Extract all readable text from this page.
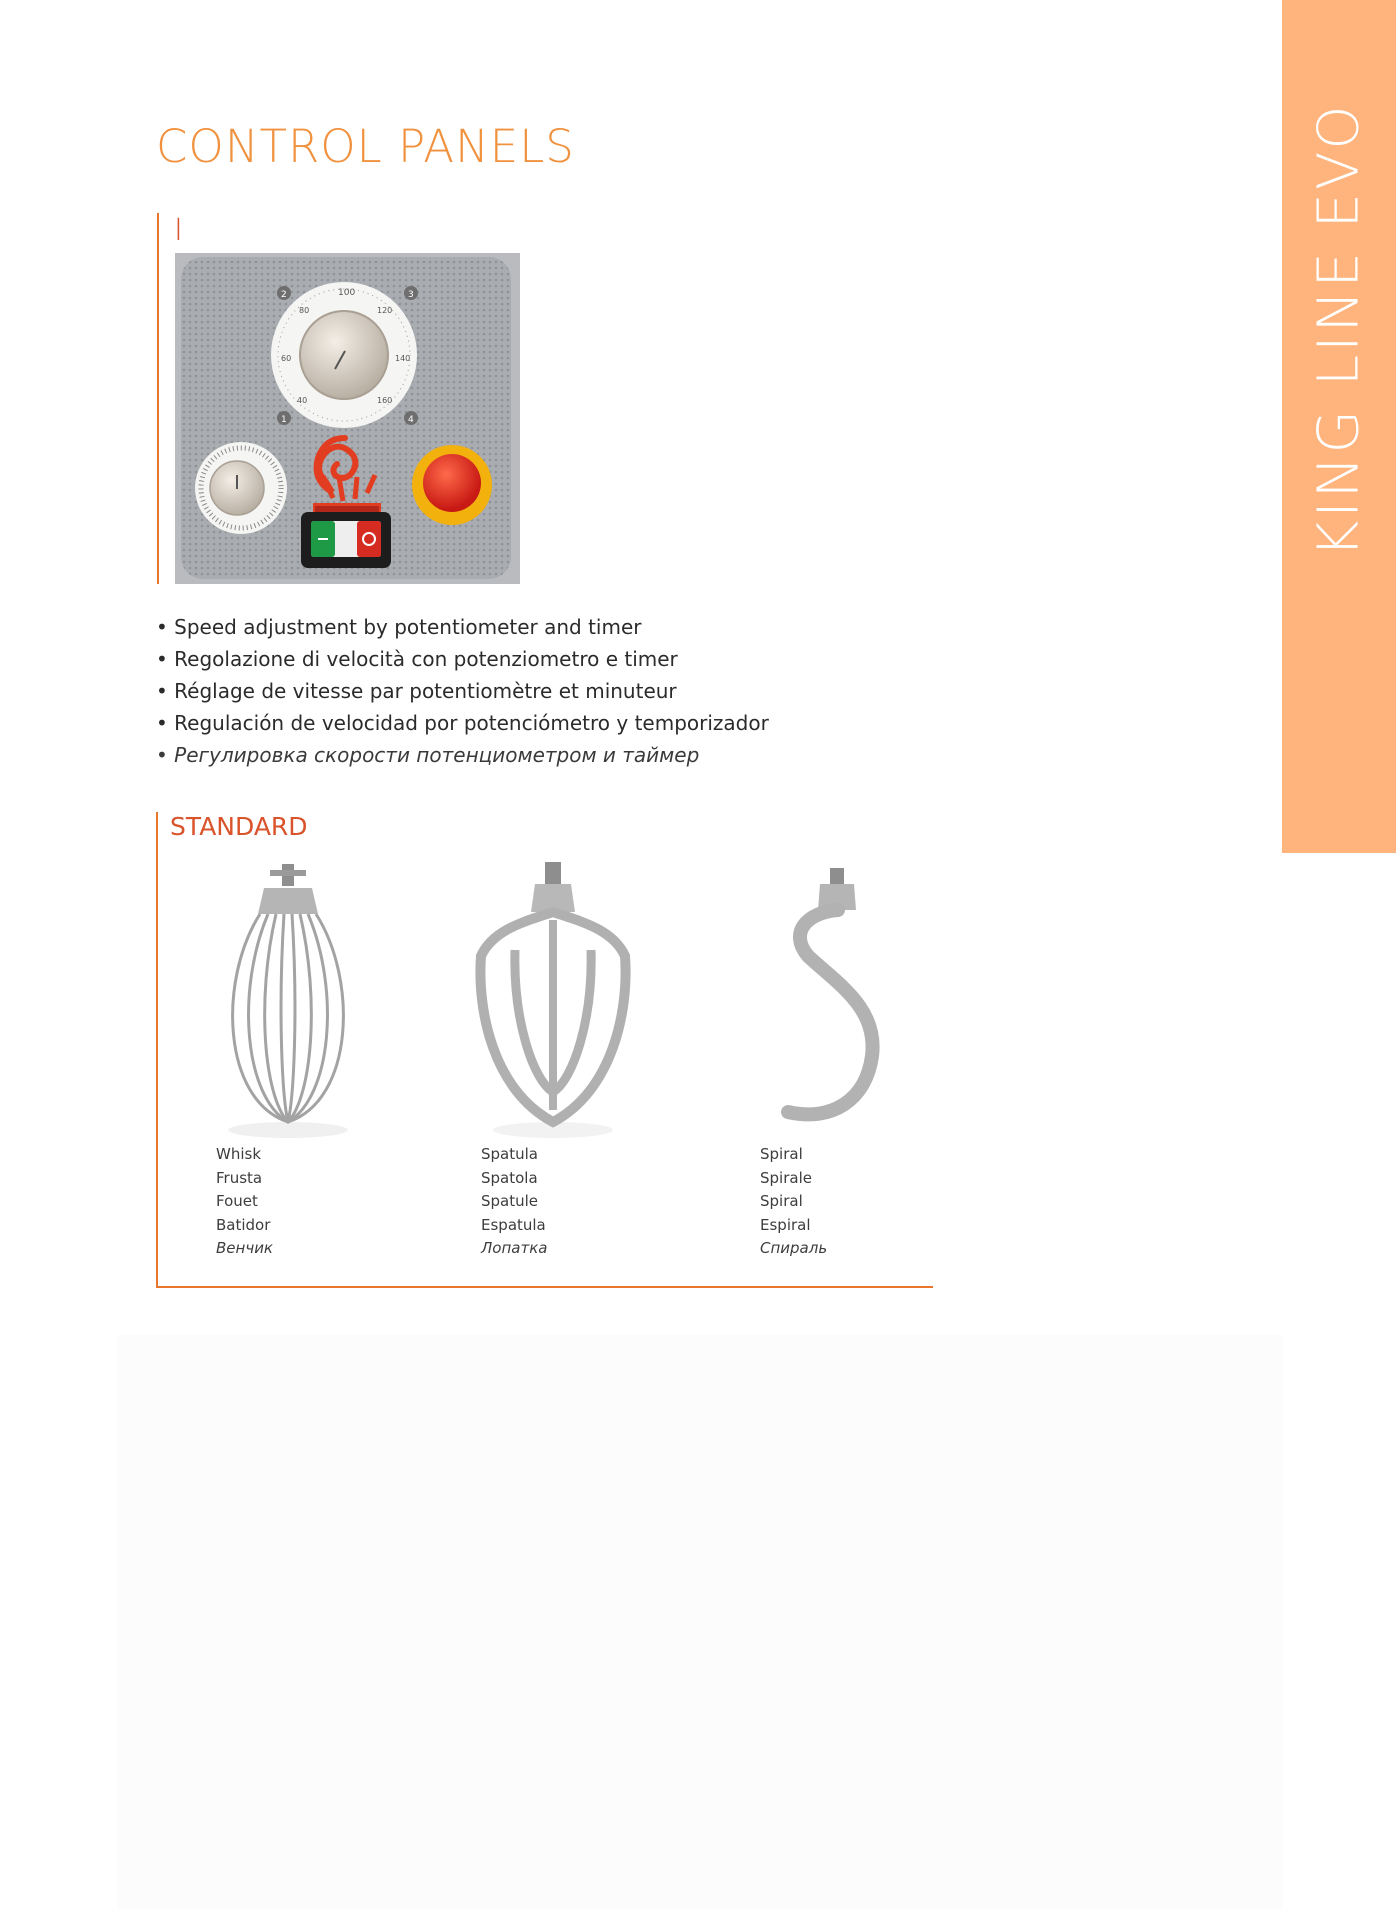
KING LINE EVO
CONTROL PANELS
I
100
80	120
60	140
40	160
2	3
1	4
• Speed adjustment by potentiometer and timer
• Regolazione di velocità con potenziometro e timer
• Réglage de vitesse par potentiomètre et minuteur
• Regulación de velocidad por potenciómetro y temporizador
• Регулировка скорости потенциометром и таймер
STANDARD
Whisk
Frusta
Fouet
Batidor
Венчик
Spatula
Spatola
Spatule
Espatula
Лопатка
Spiral
Spirale
Spiral
Espiral
Спираль
